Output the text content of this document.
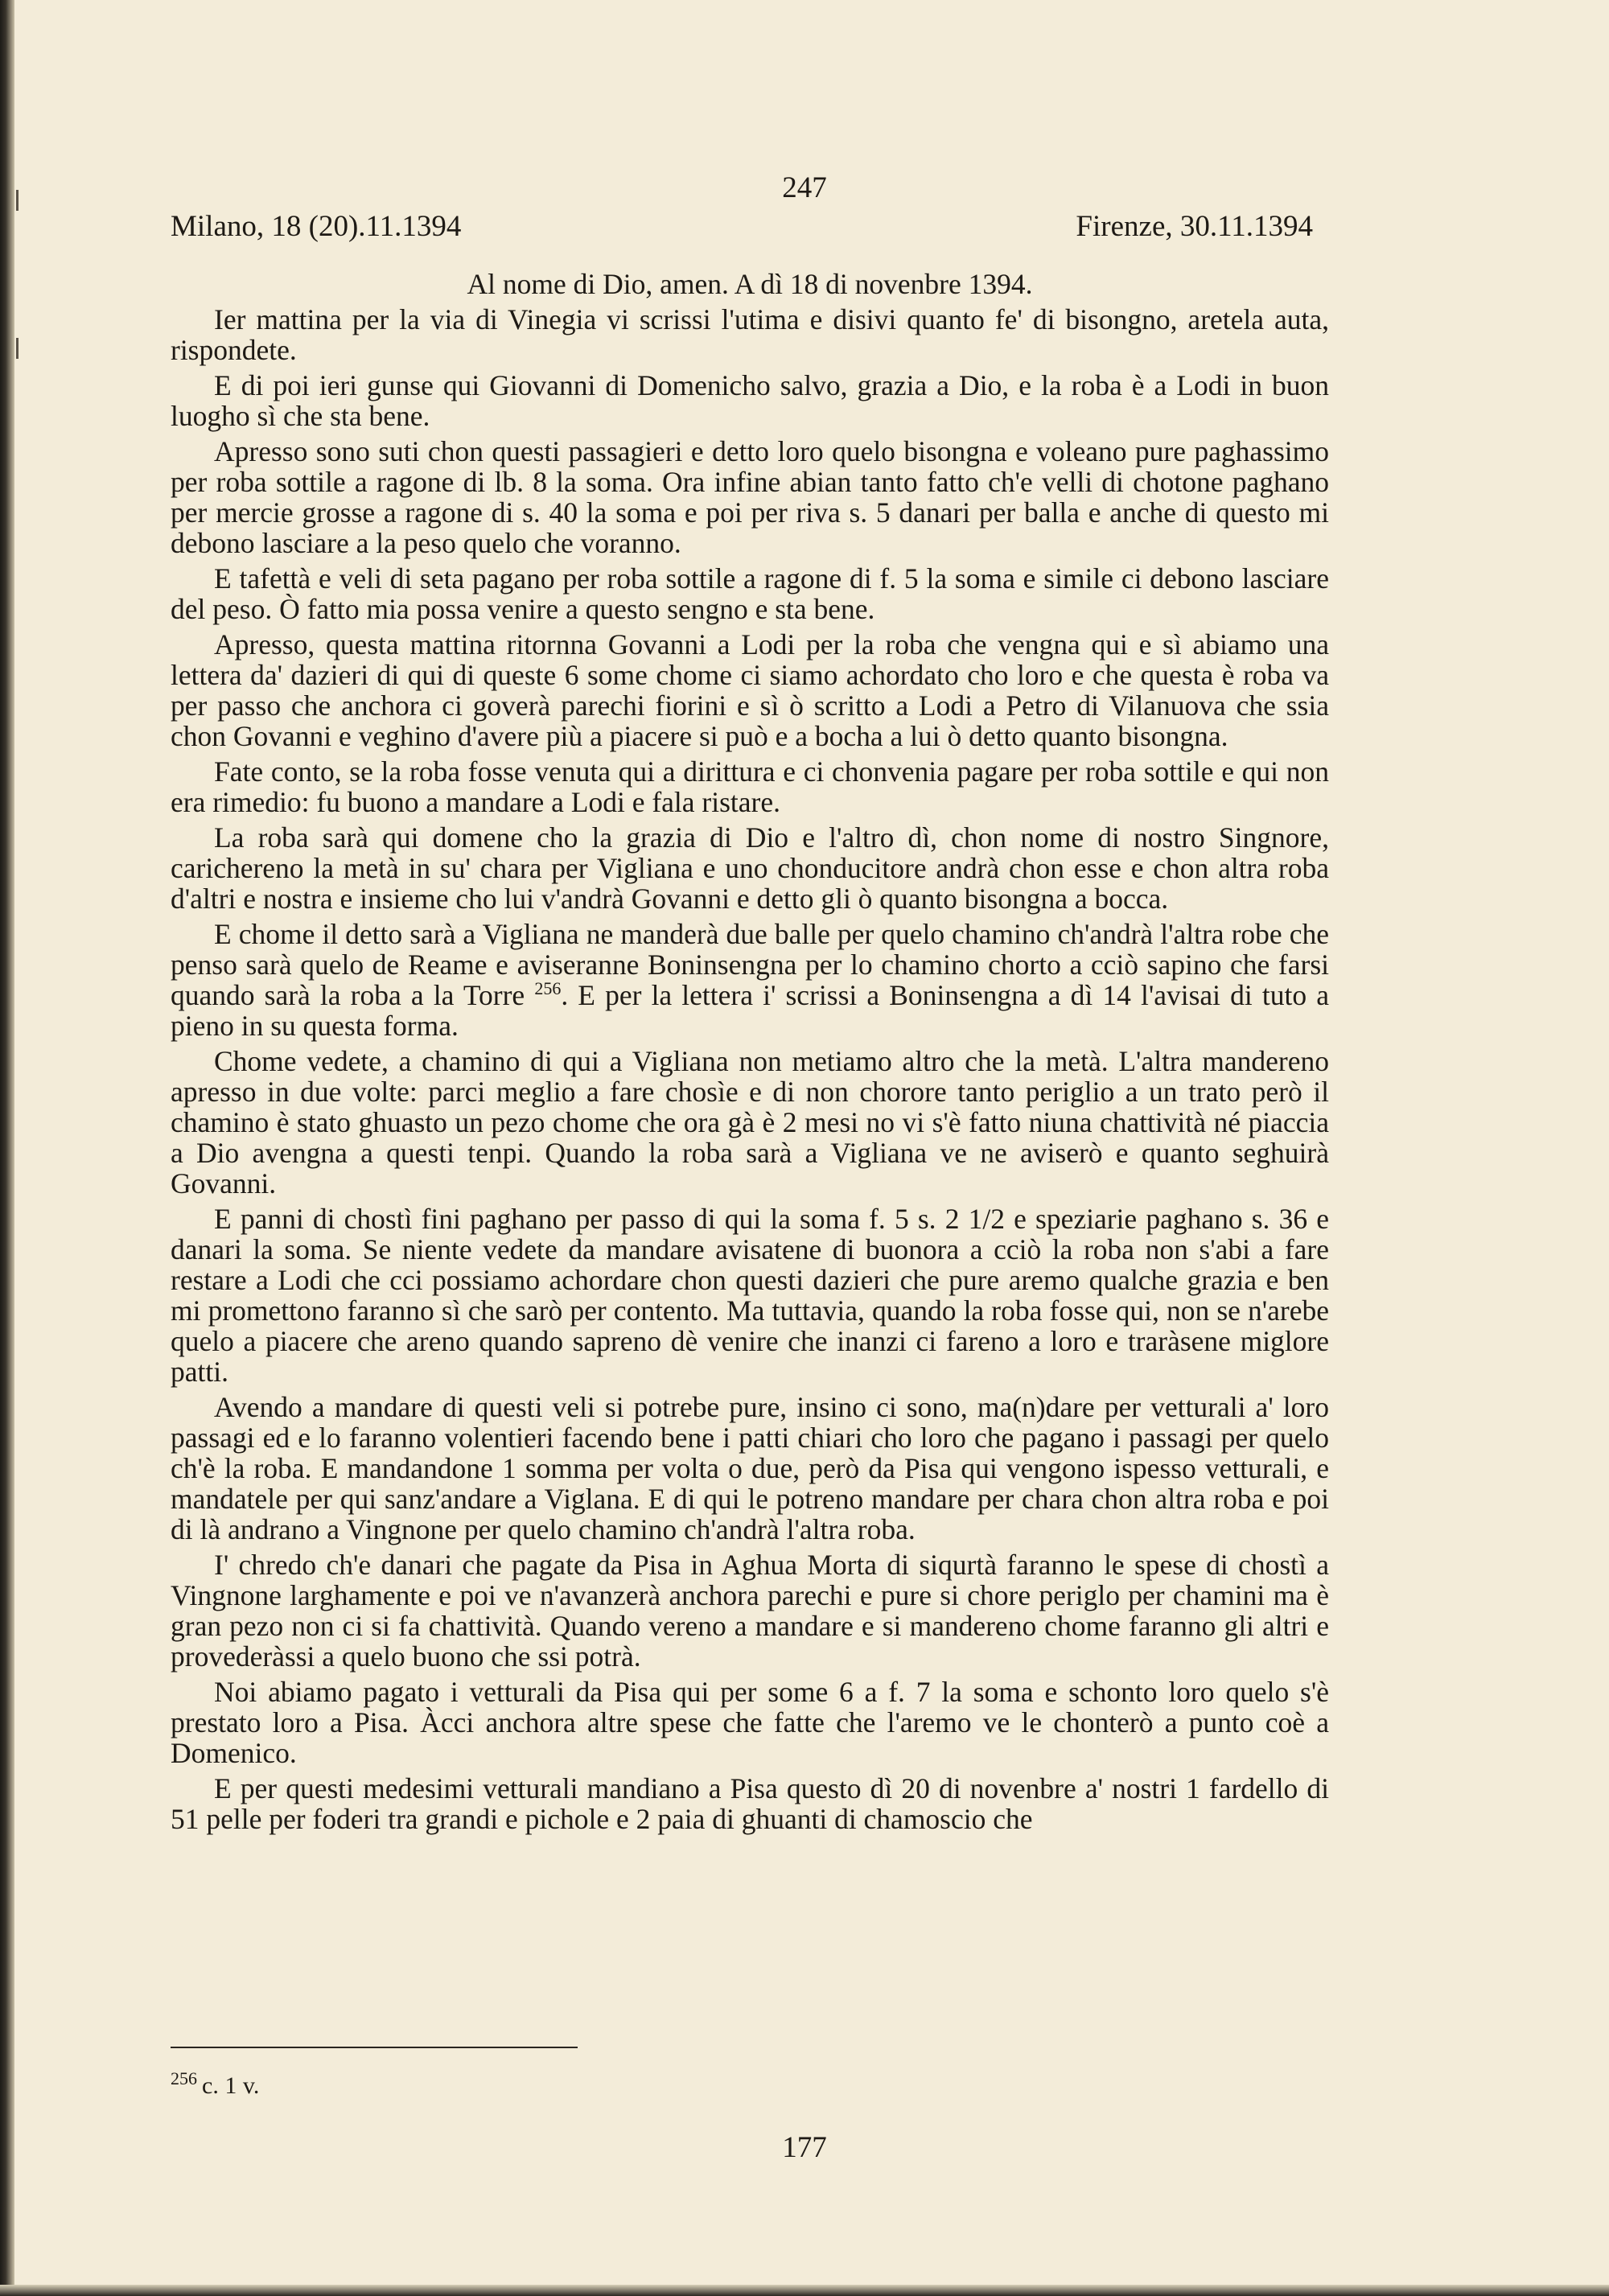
247
Milano, 18 (20).11.1394	Firenze, 30.11.1394

Al nome di Dio, amen. A dì 18 di novenbre 1394.

Ier mattina per la via di Vinegia vi scrissi l'utima e disivi quanto fe' di bisongno, aretela auta, rispondete.

E di poi ieri gunse qui Giovanni di Domenicho salvo, grazia a Dio, e la roba è a Lodi in buon luogho sì che sta bene.

Apresso sono suti chon questi passagieri e detto loro quelo bisongna e voleano pure paghassimo per roba sottile a ragone di lb. 8 la soma. Ora infine abian tanto fatto ch'e velli di chotone paghano per mercie grosse a ragone di s. 40 la soma e poi per riva s. 5 danari per balla e anche di questo mi debono lasciare a la peso quelo che voranno.

E tafettà e veli di seta pagano per roba sottile a ragone di f. 5 la soma e simile ci debono lasciare del peso. Ò fatto mia possa venire a questo sengno e sta bene.

Apresso, questa mattina ritornna Govanni a Lodi per la roba che vengna qui e sì abiamo una lettera da' dazieri di qui di queste 6 some chome ci siamo achordato cho loro e che questa è roba va per passo che anchora ci goverà parechi fiorini e sì ò scritto a Lodi a Petro di Vilanuova che ssia chon Govanni e veghino d'avere più a piacere si può e a bocha a lui ò detto quanto bisongna.

Fate conto, se la roba fosse venuta qui a dirittura e ci chonvenia pagare per roba sottile e qui non era rimedio: fu buono a mandare a Lodi e fala ristare.

La roba sarà qui domene cho la grazia di Dio e l'altro dì, chon nome di nostro Singnore, carichereno la metà in su' chara per Vigliana e uno chonducitore andrà chon esse e chon altra roba d'altri e nostra e insieme cho lui v'andrà Govanni e detto gli ò quanto bisongna a bocca.

E chome il detto sarà a Vigliana ne manderà due balle per quelo chamino ch'andrà l'altra robe che penso sarà quelo de Reame e aviseranne Boninsengna per lo chamino chorto a cciò sapino che farsi quando sarà la roba a la Torre $^{256}$. E per la lettera i' scrissi a Boninsengna a dì 14 l'avisai di tuto a pieno in su questa forma.

Chome vedete, a chamino di qui a Vigliana non metiamo altro che la metà. L'altra mandereno apresso in due volte: parci meglio a fare chosìe e di non chorore tanto periglio a un trato però il chamino è stato ghuasto un pezo chome che ora gà è 2 mesi no vi s'è fatto niuna chattività né piaccia a Dio avengna a questi tenpi. Quando la roba sarà a Vigliana ve ne aviserò e quanto seghuirà Govanni.

E panni di chostì fini paghano per passo di qui la soma f. 5 s. 2 1/2 e speziarie paghano s. 36 e danari la soma. Se niente vedete da mandare avisatene di buonora a cciò la roba non s'abi a fare restare a Lodi che cci possiamo achordare chon questi dazieri che pure aremo qualche grazia e ben mi promettono faranno sì che sarò per contento. Ma tuttavia, quando la roba fosse qui, non se n'arebe quelo a piacere che areno quando sapreno dè venire che inanzi ci fareno a loro e traràsene miglore patti.

Avendo a mandare di questi veli si potrebe pure, insino ci sono, ma(n)dare per vetturali a' loro passagi ed e lo faranno volentieri facendo bene i patti chiari cho loro che pagano i passagi per quelo ch'è la roba. E mandandone 1 somma per volta o due, però da Pisa qui vengono ispesso vetturali, e mandatele per qui sanz'andare a Viglana. E di qui le potreno mandare per chara chon altra roba e poi di là andrano a Vingnone per quelo chamino ch'andrà l'altra roba.

I' chredo ch'e danari che pagate da Pisa in Aghua Morta di siqurtà faranno le spese di chostì a Vingnone larghamente e poi ve n'avanzerà anchora parechi e pure si chore periglo per chamini ma è gran pezo non ci si fa chattività. Quando vereno a mandare e si mandereno chome faranno gli altri e provederàssi a quelo buono che ssi potrà.

Noi abiamo pagato i vetturali da Pisa qui per some 6 a f. 7 la soma e schonto loro quelo s'è prestato loro a Pisa. Àcci anchora altre spese che fatte che l'aremo ve le chonterò a punto coè a Domenico.

E per questi medesimi vetturali mandiano a Pisa questo dì 20 di novenbre a' nostri 1 fardello di 51 pelle per foderi tra grandi e pichole e 2 paia di ghuanti di chamoscio che

$^{256}$ c. 1 v.
177
